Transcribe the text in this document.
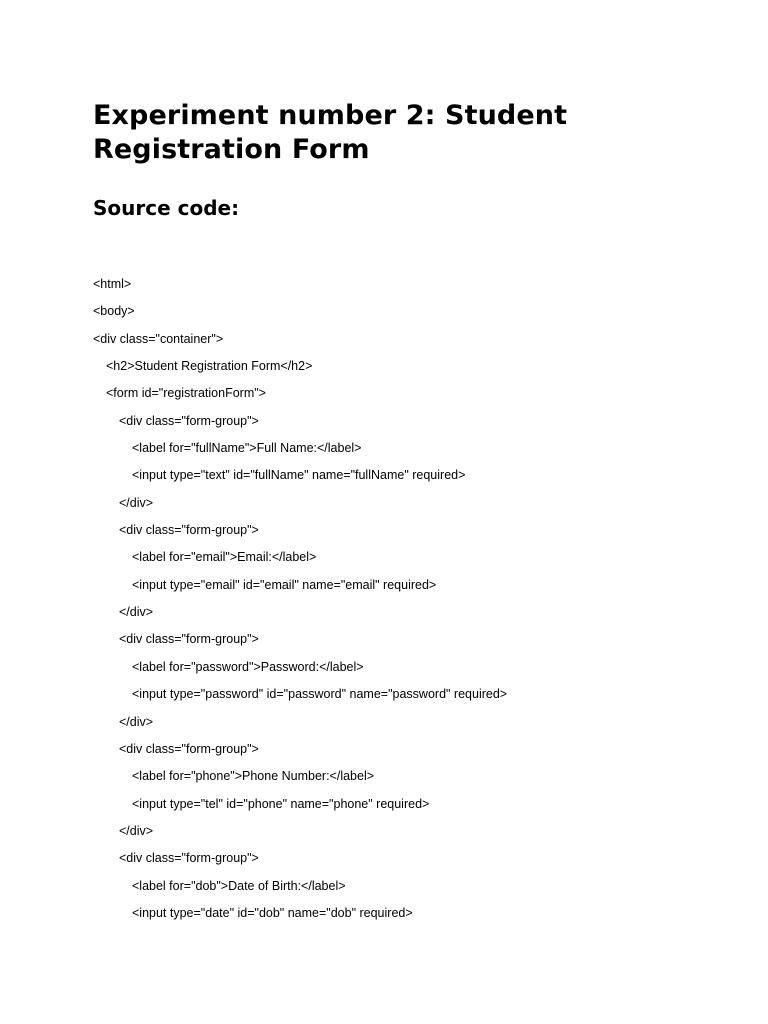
Experiment number 2: Student Registration Form
Source code:
<html>
<body>
<div class="container">
<h2>Student Registration Form</h2>
<form id="registrationForm">
<div class="form-group">
<label for="fullName">Full Name:</label>
<input type="text" id="fullName" name="fullName" required>
</div>
<div class="form-group">
<label for="email">Email:</label>
<input type="email" id="email" name="email" required>
</div>
<div class="form-group">
<label for="password">Password:</label>
<input type="password" id="password" name="password" required>
</div>
<div class="form-group">
<label for="phone">Phone Number:</label>
<input type="tel" id="phone" name="phone" required>
</div>
<div class="form-group">
<label for="dob">Date of Birth:</label>
<input type="date" id="dob" name="dob" required>
